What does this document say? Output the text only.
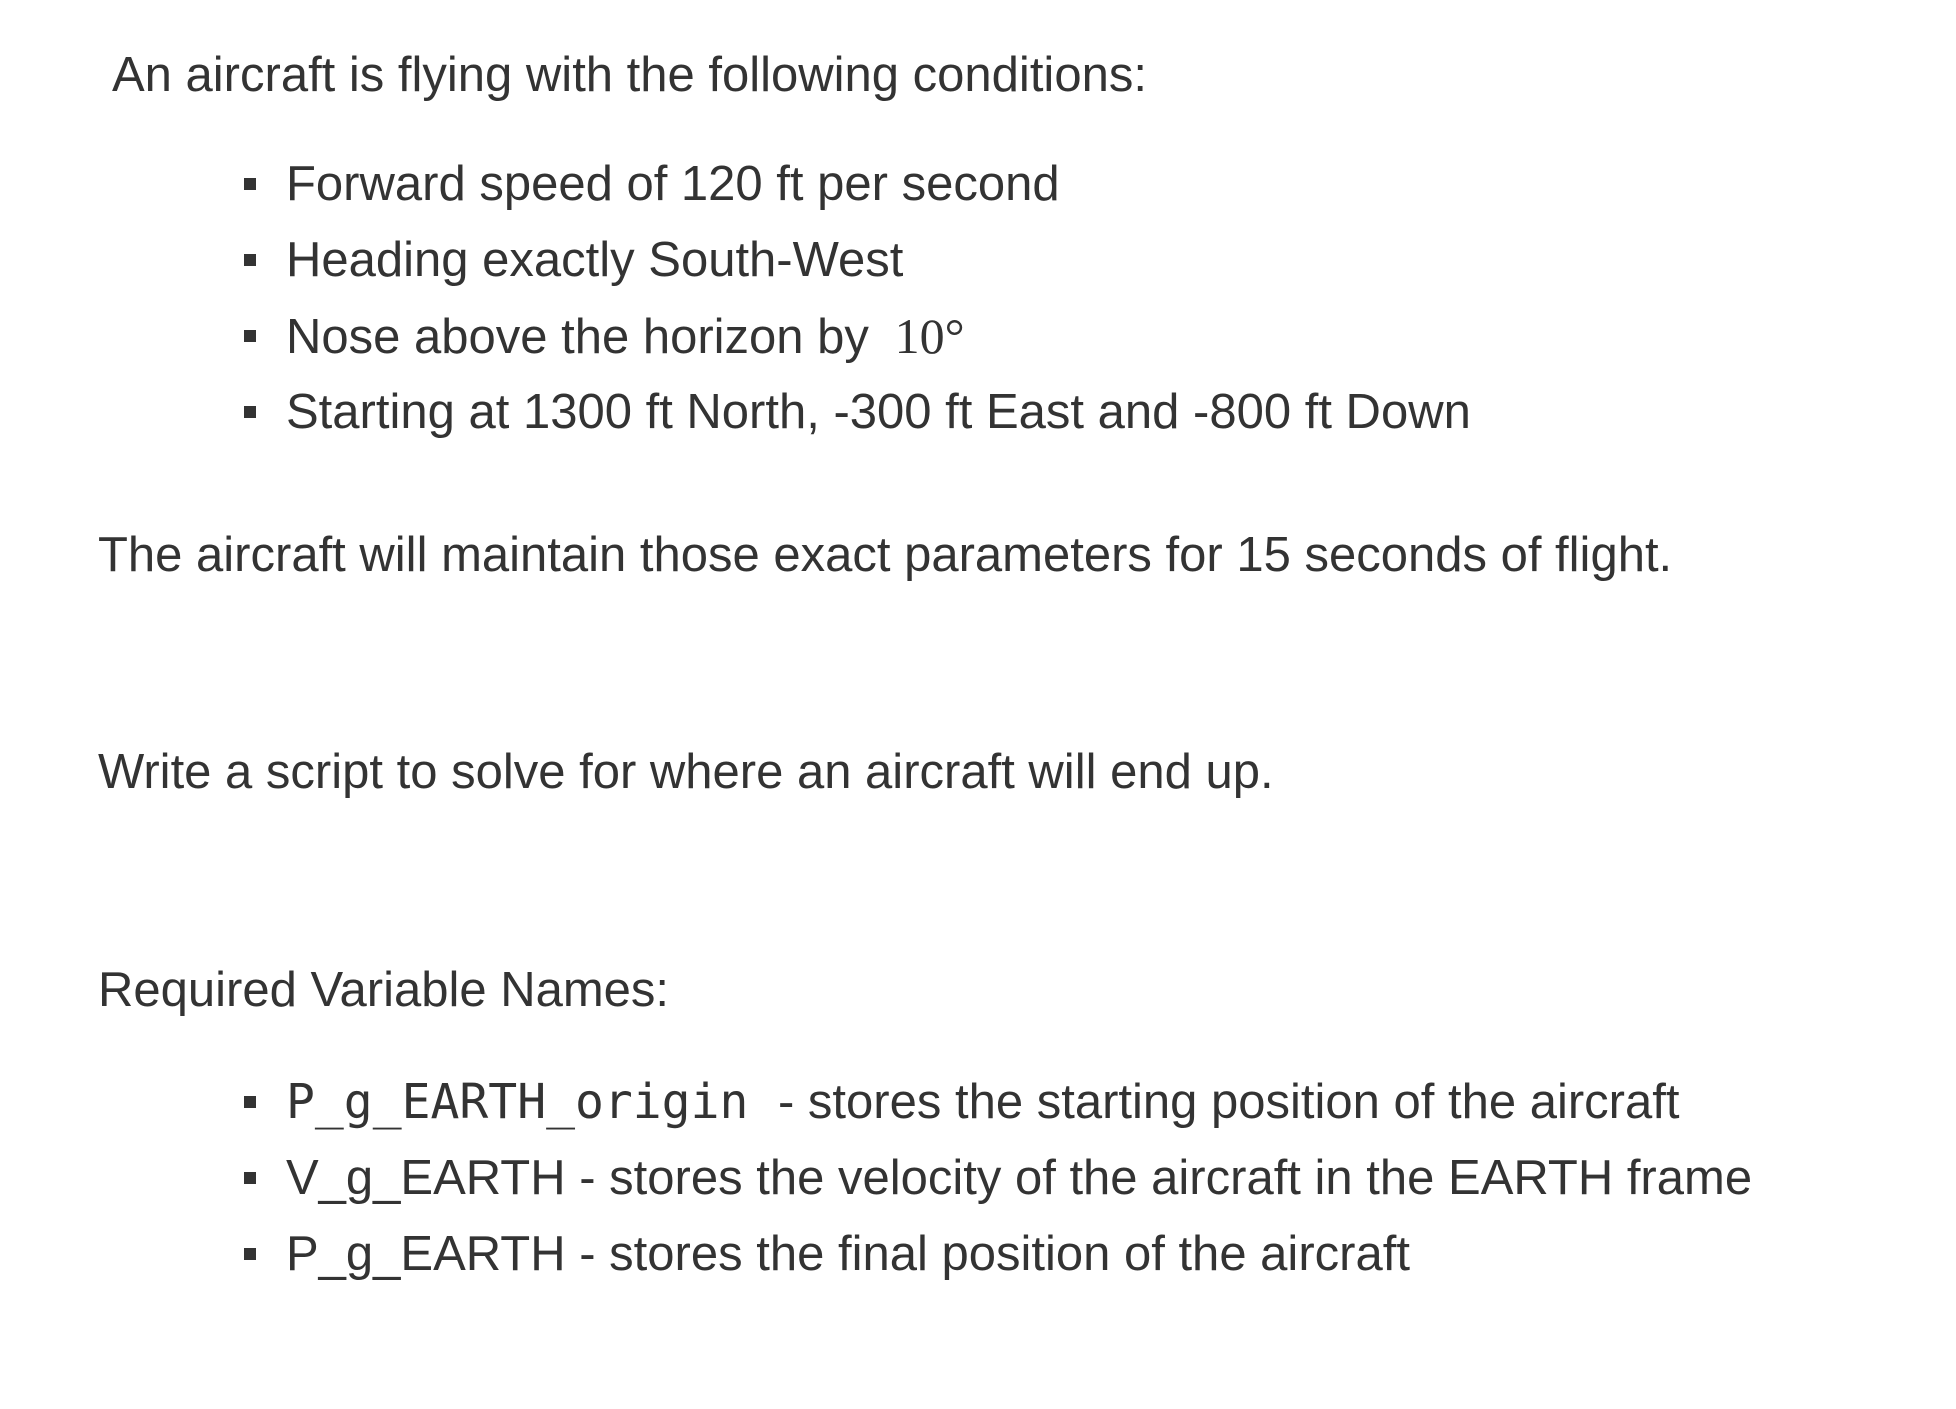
An aircraft is flying with the following conditions:

Forward speed of 120 ft per second
Heading exactly South-West
Nose above the horizon by 10°
Starting at 1300 ft North, -300 ft East and -800 ft Down

The aircraft will maintain those exact parameters for 15 seconds of flight.

Write a script to solve for where an aircraft will end up.

Required Variable Names:

P_g_EARTH_origin - stores the starting position of the aircraft
V_g_EARTH - stores the velocity of the aircraft in the EARTH frame
P_g_EARTH - stores the final position of the aircraft
